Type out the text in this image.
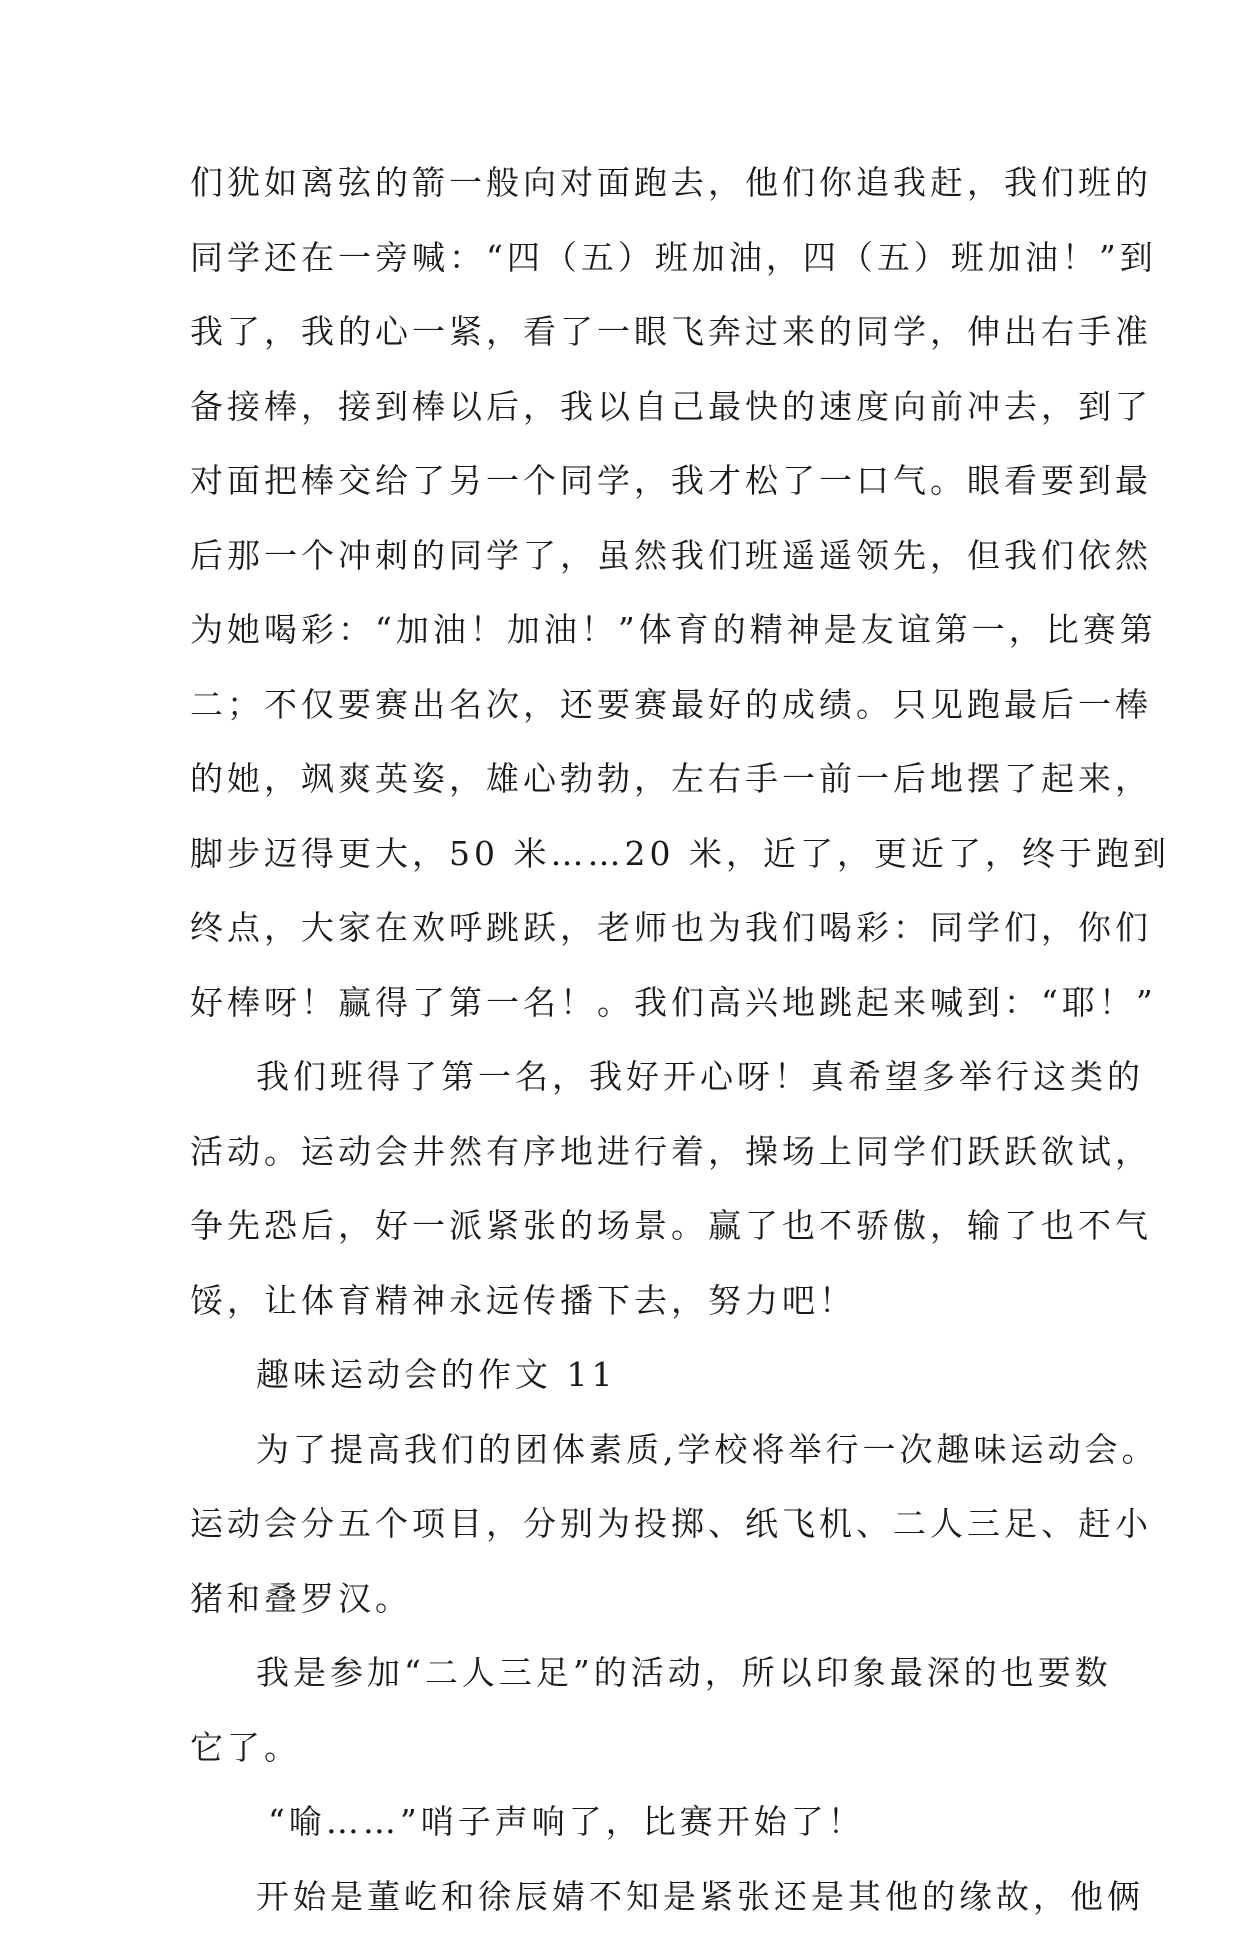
们犹如离弦的箭一般向对面跑去，他们你追我赶，我们班的
同学还在一旁喊：“四（五）班加油，四（五）班加油！”到
我了，我的心一紧，看了一眼飞奔过来的同学，伸出右手准
备接棒，接到棒以后，我以自己最快的速度向前冲去，到了
对面把棒交给了另一个同学，我才松了一口气。眼看要到最
后那一个冲刺的同学了，虽然我们班遥遥领先，但我们依然
为她喝彩：“加油！加油！”体育的精神是友谊第一，比赛第
二；不仅要赛出名次，还要赛最好的成绩。只见跑最后一棒
的她，飒爽英姿，雄心勃勃，左右手一前一后地摆了起来，
脚步迈得更大，50 米……20 米，近了，更近了，终于跑到
终点，大家在欢呼跳跃，老师也为我们喝彩：同学们，你们
好棒呀！赢得了第一名！。我们高兴地跳起来喊到：“耶！”
我们班得了第一名，我好开心呀！真希望多举行这类的
活动。运动会井然有序地进行着，操场上同学们跃跃欲试，
争先恐后，好一派紧张的场景。赢了也不骄傲，输了也不气
馁，让体育精神永远传播下去，努力吧！
趣味运动会的作文 11
为了提高我们的团体素质,学校将举行一次趣味运动会。
运动会分五个项目，分别为投掷、纸飞机、二人三足、赶小
猪和叠罗汉。
我是参加“二人三足”的活动，所以印象最深的也要数
它了。
“喻……”哨子声响了，比赛开始了！
开始是董屹和徐辰婧不知是紧张还是其他的缘故，他俩
